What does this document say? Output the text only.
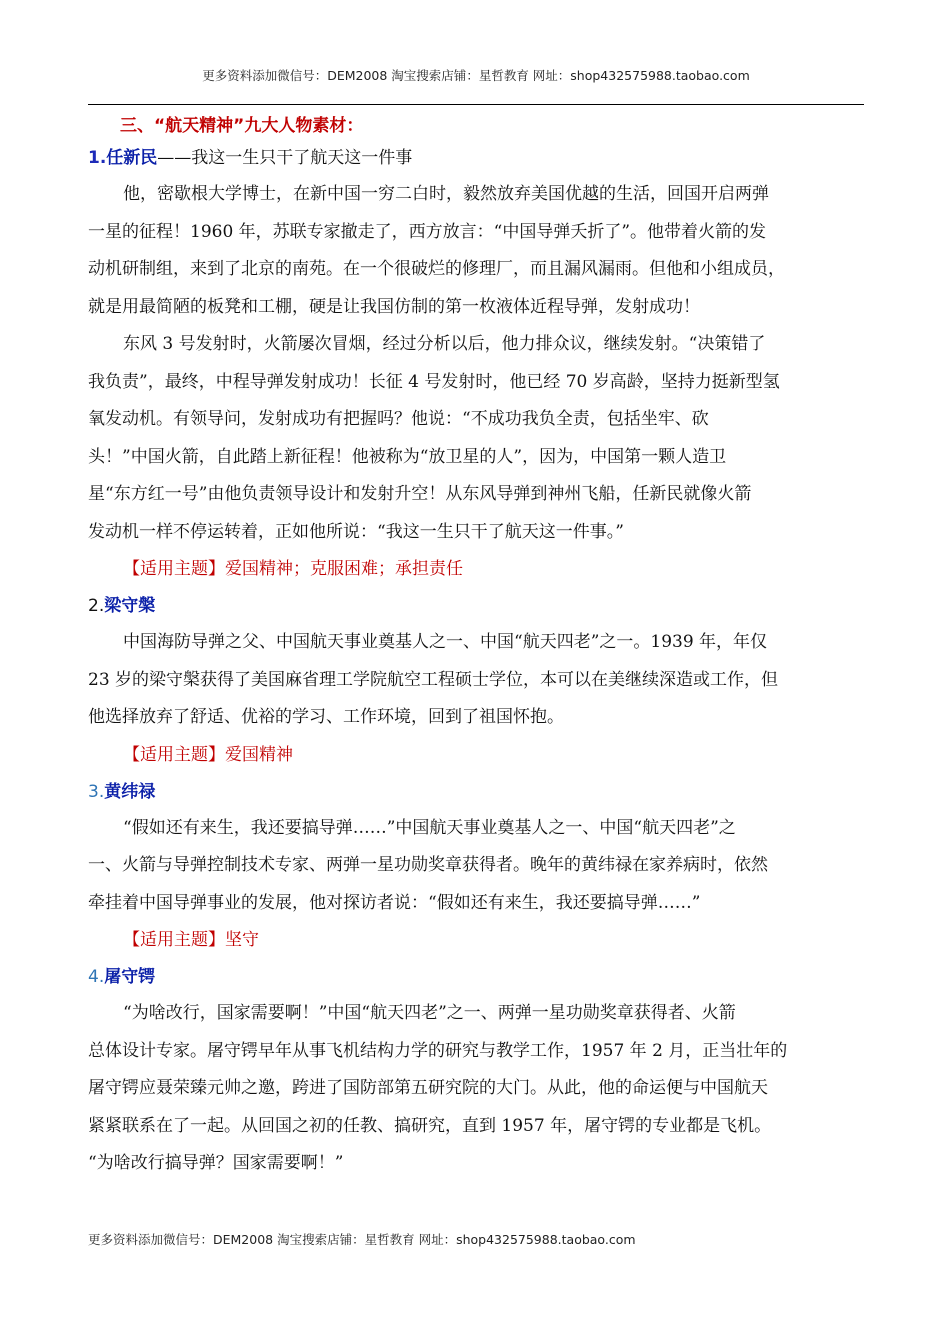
更多资料添加微信号：DEM2008 淘宝搜索店铺：星哲教育 网址：shop432575988.taobao.com
三、“航天精神”九大人物素材：
1.任新民——我这一生只干了航天这一件事
他，密歇根大学博士，在新中国一穷二白时，毅然放弃美国优越的生活，回国开启两弹
一星的征程！1960 年，苏联专家撤走了，西方放言：“中国导弹夭折了”。他带着火箭的发
动机研制组，来到了北京的南苑。在一个很破烂的修理厂，而且漏风漏雨。但他和小组成员，
就是用最简陋的板凳和工棚，硬是让我国仿制的第一枚液体近程导弹，发射成功！
东风 3 号发射时，火箭屡次冒烟，经过分析以后，他力排众议，继续发射。“决策错了
我负责”，最终，中程导弹发射成功！长征 4 号发射时，他已经 70 岁高龄，坚持力挺新型氢
氧发动机。有领导问，发射成功有把握吗？他说：“不成功我负全责，包括坐牢、砍
头！”中国火箭，自此踏上新征程！他被称为“放卫星的人”，因为，中国第一颗人造卫
星“东方红一号”由他负责领导设计和发射升空！从东风导弹到神州飞船，任新民就像火箭
发动机一样不停运转着，正如他所说：“我这一生只干了航天这一件事。”
【适用主题】爱国精神；克服困难；承担责任
2.梁守槃
中国海防导弹之父、中国航天事业奠基人之一、中国“航天四老”之一。1939 年，年仅
23 岁的梁守槃获得了美国麻省理工学院航空工程硕士学位，本可以在美继续深造或工作，但
他选择放弃了舒适、优裕的学习、工作环境，回到了祖国怀抱。
【适用主题】爱国精神
3.黄纬禄
“假如还有来生，我还要搞导弹……”中国航天事业奠基人之一、中国“航天四老”之
一、火箭与导弹控制技术专家、两弹一星功勋奖章获得者。晚年的黄纬禄在家养病时，依然
牵挂着中国导弹事业的发展，他对探访者说：“假如还有来生，我还要搞导弹……”
【适用主题】坚守
4.屠守锷
“为啥改行，国家需要啊！”中国“航天四老”之一、两弹一星功勋奖章获得者、火箭
总体设计专家。屠守锷早年从事飞机结构力学的研究与教学工作，1957 年 2 月，正当壮年的
屠守锷应聂荣臻元帅之邀，跨进了国防部第五研究院的大门。从此，他的命运便与中国航天
紧紧联系在了一起。从回国之初的任教、搞研究，直到 1957 年，屠守锷的专业都是飞机。
“为啥改行搞导弹？国家需要啊！”
更多资料添加微信号：DEM2008 淘宝搜索店铺：星哲教育 网址：shop432575988.taobao.com
